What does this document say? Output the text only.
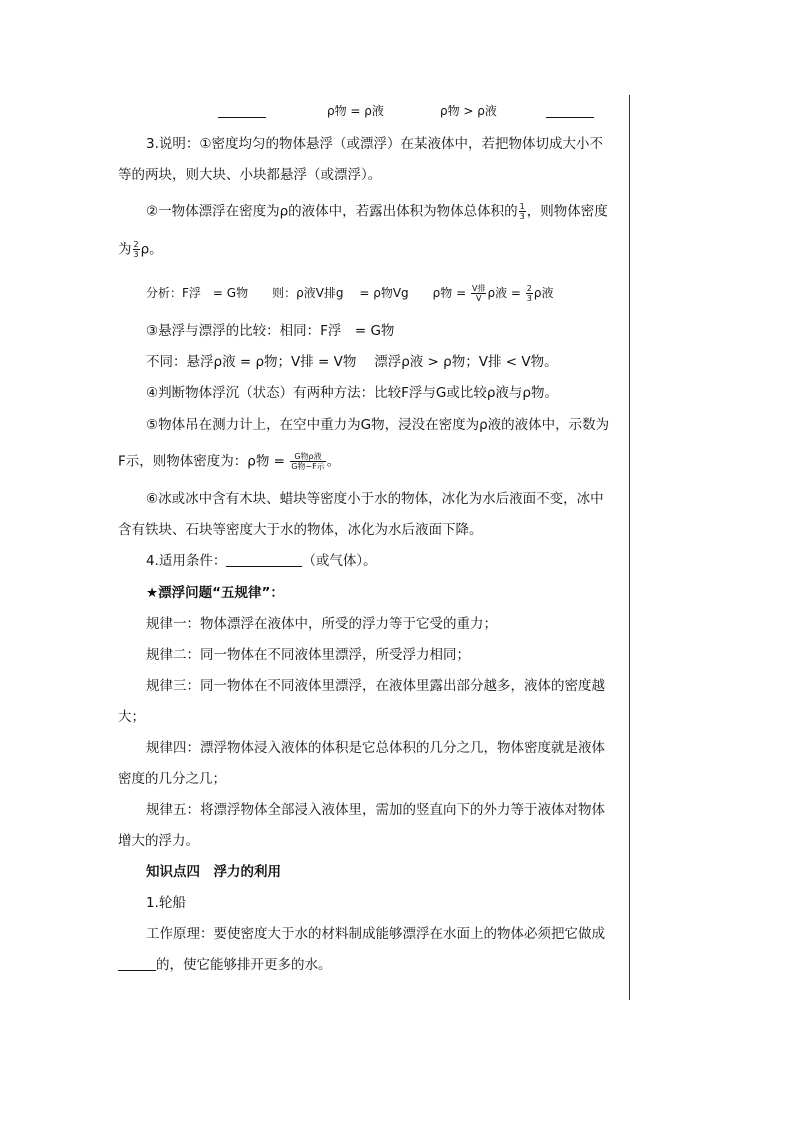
ρ物 = ρ液	ρ物 > ρ液
3.说明：①密度均匀的物体悬浮（或漂浮）在某液体中，若把物体切成大小不
等的两块，则大块、小块都悬浮（或漂浮）。
②一物体漂浮在密度为ρ的液体中，若露出体积为物体总体积的 $\frac{1}{3}$ ，则物体密度
为 $\frac{2}{3}$ ρ。
分析：F浮　= G物　　则：ρ液V排g　 = ρ物Vg　　ρ物 = $\frac{\text{V排}}{V}$ ρ液 = $\frac{2}{3}$ ρ液
③悬浮与漂浮的比较：相同：F浮　= G物
不同：悬浮ρ液 = ρ物；V排 = V物　 漂浮ρ液 > ρ物；V排 < V物。
④判断物体浮沉（状态）有两种方法：比较F浮与G或比较ρ液与ρ物。
⑤物体吊在测力计上，在空中重力为G物，浸没在密度为ρ液的液体中，示数为
F示，则物体密度为：ρ物 = $\frac{\text{G物ρ液}}{\text{G物−F示}}$ 。
⑥冰或冰中含有木块、蜡块等密度小于水的物体，冰化为水后液面不变，冰中
含有铁块、石块等密度大于水的物体，冰化为水后液面下降。
4.适用条件：	（或气体）。
★漂浮问题“五规律”：
规律一：物体漂浮在液体中，所受的浮力等于它受的重力；
规律二：同一物体在不同液体里漂浮，所受浮力相同；
规律三：同一物体在不同液体里漂浮，在液体里露出部分越多，液体的密度越
大；
规律四：漂浮物体浸入液体的体积是它总体积的几分之几，物体密度就是液体
密度的几分之几；
规律五：将漂浮物体全部浸入液体里，需加的竖直向下的外力等于液体对物体
增大的浮力。
知识点四　浮力的利用
1.轮船
工作原理：要使密度大于水的材料制成能够漂浮在水面上的物体必须把它做成
的，使它能够排开更多的水。
